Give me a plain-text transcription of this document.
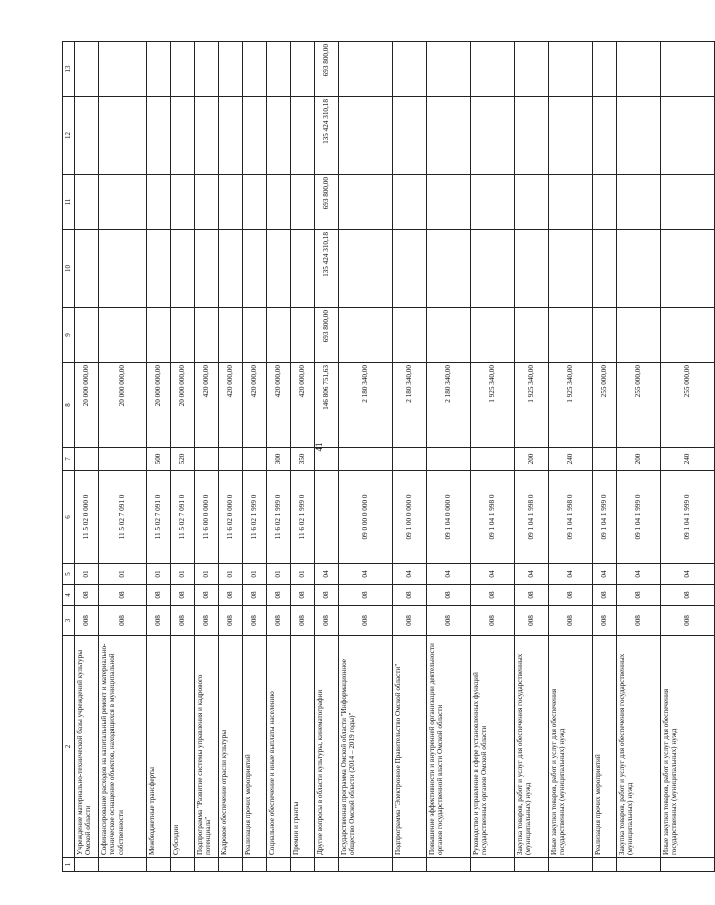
41
1	2	3	4	5	6	7	8	9	10	11	12	13
	Учреждение материально-технической базы учреждений культуры Омской области	008	08	01	11 5 02 0 000 0		20 000 000,00					
	Софинансирование расходов на капитальный ремонт и материально-техническое оснащение объектов, находящихся в муниципальной собственности	008	08	01	11 5 02 7 091 0		20 000 000,00					
	Межбюджетные трансферты	008	08	01	11 5 02 7 091 0	500	20 000 000,00					
	Субсидии	008	08	01	11 5 02 7 091 0	520	20 000 000,00					
	Подпрограмма "Развитие системы управления и кадрового потенциала"	008	08	01	11 6 00 0 000 0		420 000,00					
	Кадровое обеспечение отрасли культуры	008	08	01	11 6 02 0 000 0		420 000,00					
	Реализация прочих мероприятий	008	08	01	11 6 02 1 999 0		420 000,00					
	Социальное обеспечение и иные выплаты населению	008	08	01	11 6 02 1 999 0	300	420 000,00					
	Премии и гранты	008	08	01	11 6 02 1 999 0	350	420 000,00					
	Другие вопросы в области культуры, кинематографии	008	08	04			146 806 751,63	693 800,00	135 424 310,18	693 800,00	135 424 310,18	693 800,00
	Государственная программа Омской области "Информационное общество Омской области (2014 – 2019 годы)"	008	08	04	09 0 00 0 000 0		2 180 340,00					
	Подпрограмма "Электронное Правительство Омской области"	008	08	04	09 1 00 0 000 0		2 180 340,00					
	Повышение эффективности и внутренней организации деятельности органов государственной власти Омской области	008	08	04	09 1 04 0 000 0		2 180 340,00					
	Руководство и управление в сфере установленных функций государственных органов Омской области	008	08	04	09 1 04 1 998 0		1 925 340,00					
	Закупка товаров, работ и услуг для обеспечения государственных (муниципальных) нужд	008	08	04	09 1 04 1 998 0	200	1 925 340,00					
	Иные закупки товаров, работ и услуг для обеспечения государственных (муниципальных) нужд	008	08	04	09 1 04 1 998 0	240	1 925 340,00					
	Реализация прочих мероприятий	008	08	04	09 1 04 1 999 0		255 000,00					
	Закупка товаров, работ и услуг для обеспечения государственных (муниципальных) нужд	008	08	04	09 1 04 1 999 0	200	255 000,00					
	Иные закупки товаров, работ и услуг для обеспечения государственных (муниципальных) нужд	008	08	04	09 1 04 1 999 0	240	255 000,00					
